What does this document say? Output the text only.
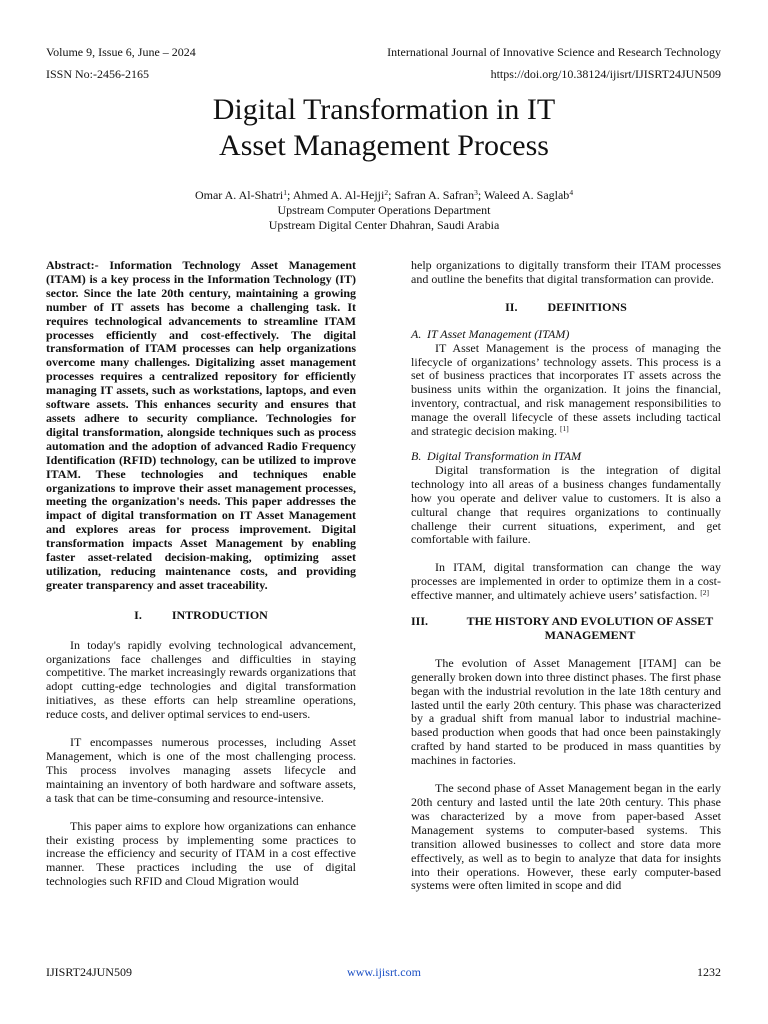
Volume 9, Issue 6, June – 2024	International Journal of Innovative Science and Research Technology
ISSN No:-2456-2165	https://doi.org/10.38124/ijisrt/IJISRT24JUN509
Digital Transformation in IT
Asset Management Process
Omar A. Al-Shatri$^1$; Ahmed A. Al-Hejji$^2$; Safran A. Safran$^3$; Waleed A. Saglab$^4$
Upstream Computer Operations Department
Upstream Digital Center Dhahran, Saudi Arabia

Abstract:- Information Technology Asset Management (ITAM) is a key process in the Information Technology (IT) sector. Since the late 20th century, maintaining a growing number of IT assets has become a challenging task. It requires technological advancements to streamline ITAM processes efficiently and cost-effectively. The digital transformation of ITAM processes can help organizations overcome many challenges. Digitalizing asset management processes requires a centralized repository for efficiently managing IT assets, such as workstations, laptops, and even software assets. This enhances security and ensures that assets adhere to security compliance. Technologies for digital transformation, alongside techniques such as process automation and the adoption of advanced Radio Frequency Identification (RFID) technology, can be utilized to improve ITAM. These technologies and techniques enable organizations to improve their asset management processes, meeting the organization's needs. This paper addresses the impact of digital transformation on IT Asset Management and explores areas for process improvement. Digital transformation impacts Asset Management by enabling faster asset-related decision-making, optimizing asset utilization, reducing maintenance costs, and providing greater transparency and asset traceability.

I.	INTRODUCTION

In today's rapidly evolving technological advancement, organizations face challenges and difficulties in staying competitive. The market increasingly rewards organizations that adopt cutting-edge technologies and digital transformation initiatives, as these efforts can help streamline operations, reduce costs, and deliver optimal services to end-users.

IT encompasses numerous processes, including Asset Management, which is one of the most challenging process. This process involves managing assets lifecycle and maintaining an inventory of both hardware and software assets, a task that can be time-consuming and resource-intensive.

This paper aims to explore how organizations can enhance their existing process by implementing some practices to increase the efficiency and security of ITAM in a cost effective manner. These practices including the use of digital technologies such RFID and Cloud Migration would

help organizations to digitally transform their ITAM processes and outline the benefits that digital transformation can provide.

II.	DEFINITIONS

A. IT Asset Management (ITAM)

IT Asset Management is the process of managing the lifecycle of organizations’ technology assets. This process is a set of business practices that incorporates IT assets across the business units within the organization. It joins the financial, inventory, contractual, and risk management responsibilities to manage the overall lifecycle of these assets including tactical and strategic decision making. [1]

B. Digital Transformation in ITAM

Digital transformation is the integration of digital technology into all areas of a business changes fundamentally how you operate and deliver value to customers. It is also a cultural change that requires organizations to continually challenge their current situations, experiment, and get comfortable with failure.

In ITAM, digital transformation can change the way processes are implemented in order to optimize them in a cost-effective manner, and ultimately achieve users’ satisfaction. [2]

III.	THE HISTORY AND EVOLUTION OF ASSET MANAGEMENT

The evolution of Asset Management [ITAM] can be generally broken down into three distinct phases. The first phase began with the industrial revolution in the late 18th century and lasted until the early 20th century. This phase was characterized by a gradual shift from manual labor to industrial machine-based production when goods that had once been painstakingly crafted by hand started to be produced in mass quantities by machines in factories.

The second phase of Asset Management began in the early 20th century and lasted until the late 20th century. This phase was characterized by a move from paper-based Asset Management systems to computer-based systems. This transition allowed businesses to collect and store data more effectively, as well as to begin to analyze that data for insights into their operations. However, these early computer-based systems were often limited in scope and did

IJISRT24JUN509	www.ijisrt.com	1232
